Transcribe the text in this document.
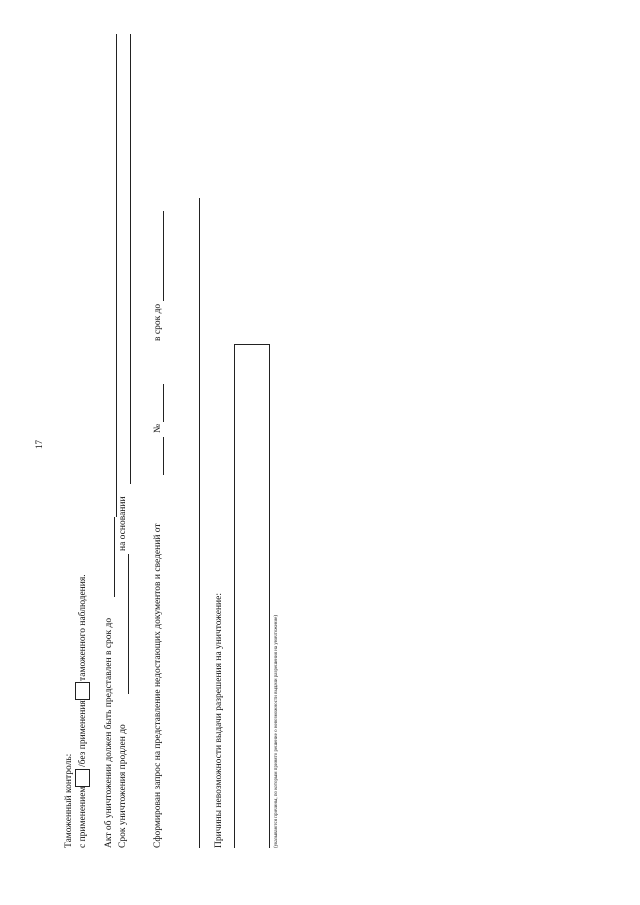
17
Таможенный контроль: с применением
/без применения
таможенного наблюдения. Акт об уничтожении должен быть представлен в срок до Срок уничтожения продлен до
на основании	Сформирован запрос на представление недостающих документов и сведений от
№
в срок до
Причины невозможности выдачи разрешения на уничтожение:	(указываются причины, по которым принято решение о невозможности выдачи разрешения на уничтожение)
